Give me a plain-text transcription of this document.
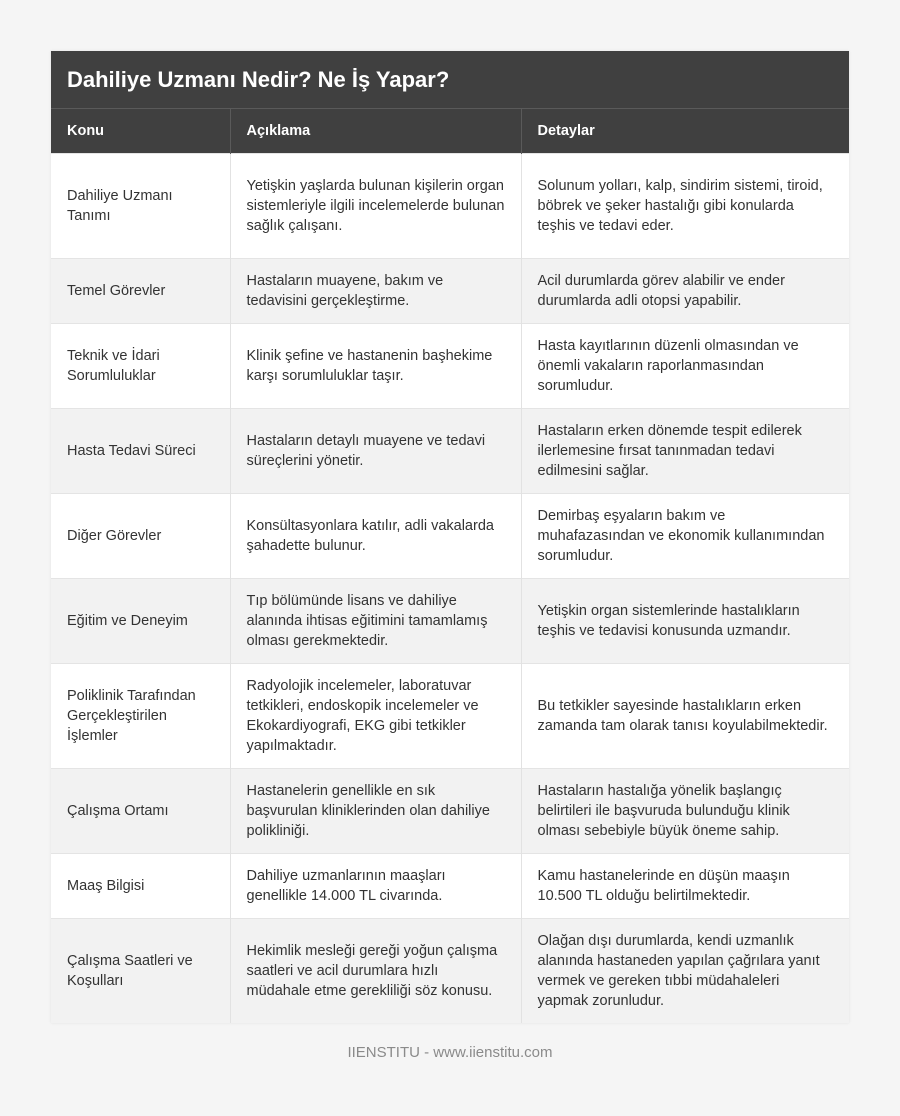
Dahiliye Uzmanı Nedir? Ne İş Yapar?
Konu	Açıklama	Detaylar
Dahiliye Uzmanı Tanımı	Yetişkin yaşlarda bulunan kişilerin organ sistemleriyle ilgili incelemelerde bulunan sağlık çalışanı.	Solunum yolları, kalp, sindirim sistemi, tiroid, böbrek ve şeker hastalığı gibi konularda teşhis ve tedavi eder.
Temel Görevler	Hastaların muayene, bakım ve tedavisini gerçekleştirme.	Acil durumlarda görev alabilir ve ender durumlarda adli otopsi yapabilir.
Teknik ve İdari Sorumluluklar	Klinik şefine ve hastanenin başhekime karşı sorumluluklar taşır.	Hasta kayıtlarının düzenli olmasından ve önemli vakaların raporlanmasından sorumludur.
Hasta Tedavi Süreci	Hastaların detaylı muayene ve tedavi süreçlerini yönetir.	Hastaların erken dönemde tespit edilerek ilerlemesine fırsat tanınmadan tedavi edilmesini sağlar.
Diğer Görevler	Konsültasyonlara katılır, adli vakalarda şahadette bulunur.	Demirbaş eşyaların bakım ve muhafazasından ve ekonomik kullanımından sorumludur.
Eğitim ve Deneyim	Tıp bölümünde lisans ve dahiliye alanında ihtisas eğitimini tamamlamış olması gerekmektedir.	Yetişkin organ sistemlerinde hastalıkların teşhis ve tedavisi konusunda uzmandır.
Poliklinik Tarafından Gerçekleştirilen İşlemler	Radyolojik incelemeler, laboratuvar tetkikleri, endoskopik incelemeler ve Ekokardiyografi, EKG gibi tetkikler yapılmaktadır.	Bu tetkikler sayesinde hastalıkların erken zamanda tam olarak tanısı koyulabilmektedir.
Çalışma Ortamı	Hastanelerin genellikle en sık başvurulan kliniklerinden olan dahiliye polikliniği.	Hastaların hastalığa yönelik başlangıç belirtileri ile başvuruda bulunduğu klinik olması sebebiyle büyük öneme sahip.
Maaş Bilgisi	Dahiliye uzmanlarının maaşları genellikle 14.000 TL civarında.	Kamu hastanelerinde en düşün maaşın 10.500 TL olduğu belirtilmektedir.
Çalışma Saatleri ve Koşulları	Hekimlik mesleği gereği yoğun çalışma saatleri ve acil durumlara hızlı müdahale etme gerekliliği söz konusu.	Olağan dışı durumlarda, kendi uzmanlık alanında hastaneden yapılan çağrılara yanıt vermek ve gereken tıbbi müdahaleleri yapmak zorunludur.
IIENSTITU - www.iienstitu.com
